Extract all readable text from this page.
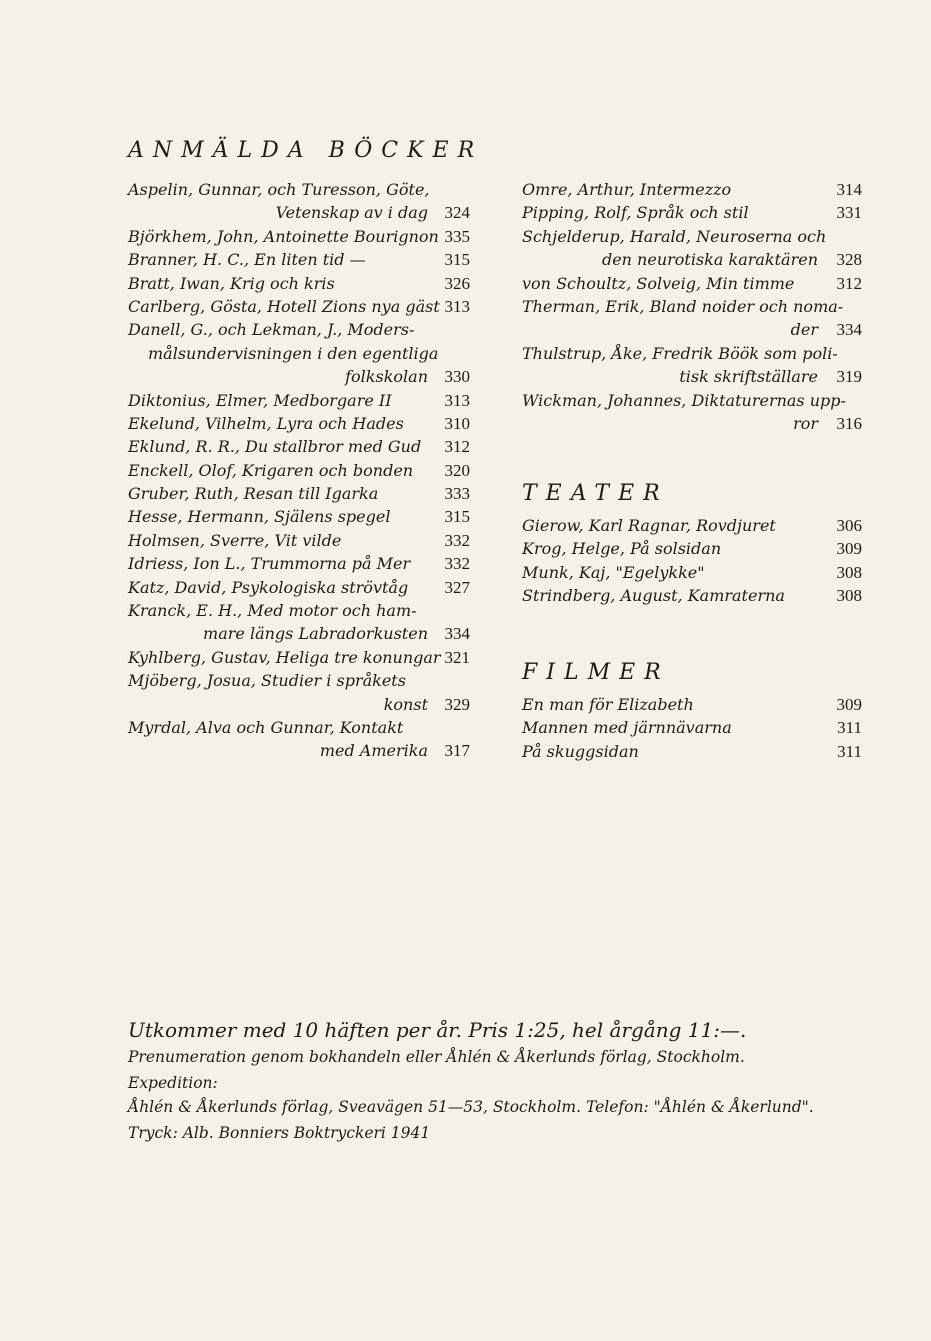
ANMÄLDA BÖCKER
Aspelin, Gunnar, och Turesson, Göte,
Vetenskap av i dag 324
Björkhem, John, Antoinette Bourignon 335
Branner, H. C., En liten tid —	315
Bratt, Iwan, Krig och kris	326
Carlberg, Gösta, Hotell Zions nya gäst 313
Danell, G., och Lekman, J., Moders-
målsundervisningen i den egentliga
folkskolan 330
Diktonius, Elmer, Medborgare II	313
Ekelund, Vilhelm, Lyra och Hades 310
Eklund, R. R., Du stallbror med Gud 312
Enckell, Olof, Krigaren och bonden 320
Gruber, Ruth, Resan till Igarka	333
Hesse, Hermann, Själens spegel	315
Holmsen, Sverre, Vit vilde	332
Idriess, Ion L., Trummorna på Mer 332
Katz, David, Psykologiska strövtåg 327
Kranck, E. H., Med motor och ham-
mare längs Labradorkusten 334
Kyhlberg, Gustav, Heliga tre konungar 321
Mjöberg, Josua, Studier i språkets
konst 329
Myrdal, Alva och Gunnar, Kontakt
med Amerika 317
Omre, Arthur, Intermezzo	314
Pipping, Rolf, Språk och stil	331
Schjelderup, Harald, Neuroserna och
den neurotiska karaktären 328
von Schoultz, Solveig, Min timme 312
Therman, Erik, Bland noider och noma-
der 334
Thulstrup, Åke, Fredrik Böök som poli-
tisk skriftställare 319
Wickman, Johannes, Diktaturernas upp-
ror 316
TEATER
Gierow, Karl Ragnar, Rovdjuret	306
Krog, Helge, På solsidan	309
Munk, Kaj, "Egelykke"	308
Strindberg, August, Kamraterna	308
FILMER
En man för Elizabeth	309
Mannen med järnnävarna	311
På skuggsidan	311
Utkommer med 10 häften per år. Pris 1:25, hel årgång 11:—.
Prenumeration genom bokhandeln eller Åhlén & Åkerlunds förlag, Stockholm.
Expedition:
Åhlén & Åkerlunds förlag, Sveavägen 51—53, Stockholm. Telefon: "Åhlén & Åkerlund".
Tryck: Alb. Bonniers Boktryckeri 1941
